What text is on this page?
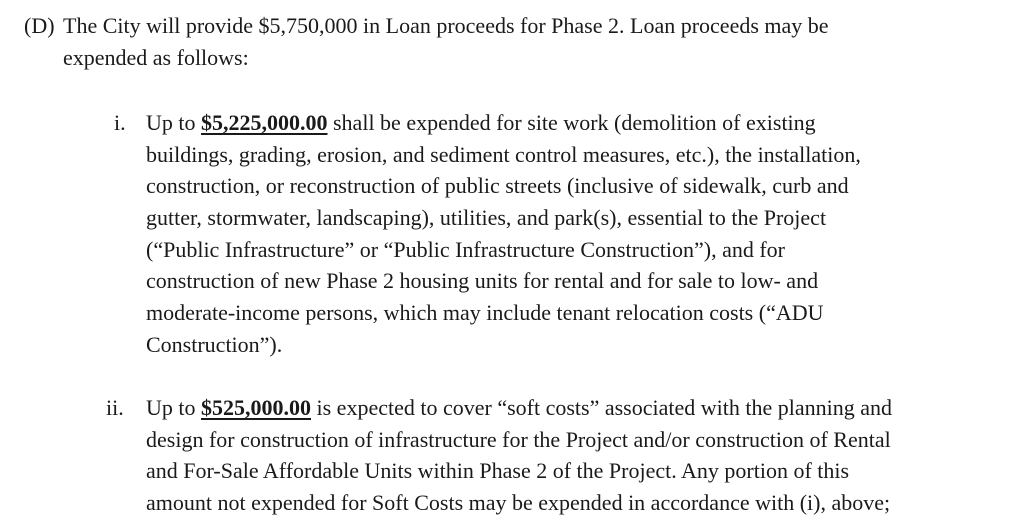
(D) The City will provide $5,750,000 in Loan proceeds for Phase 2. Loan proceeds may be
expended as follows:
i. Up to $5,225,000.00 shall be expended for site work (demolition of existing
buildings, grading, erosion, and sediment control measures, etc.), the installation,
construction, or reconstruction of public streets (inclusive of sidewalk, curb and
gutter, stormwater, landscaping), utilities, and park(s), essential to the Project
(“Public Infrastructure” or “Public Infrastructure Construction”), and for
construction of new Phase 2 housing units for rental and for sale to low- and
moderate-income persons, which may include tenant relocation costs (“ADU
Construction”).
ii. Up to $525,000.00 is expected to cover “soft costs” associated with the planning and
design for construction of infrastructure for the Project and/or construction of Rental
and For-Sale Affordable Units within Phase 2 of the Project. Any portion of this
amount not expended for Soft Costs may be expended in accordance with (i), above;
